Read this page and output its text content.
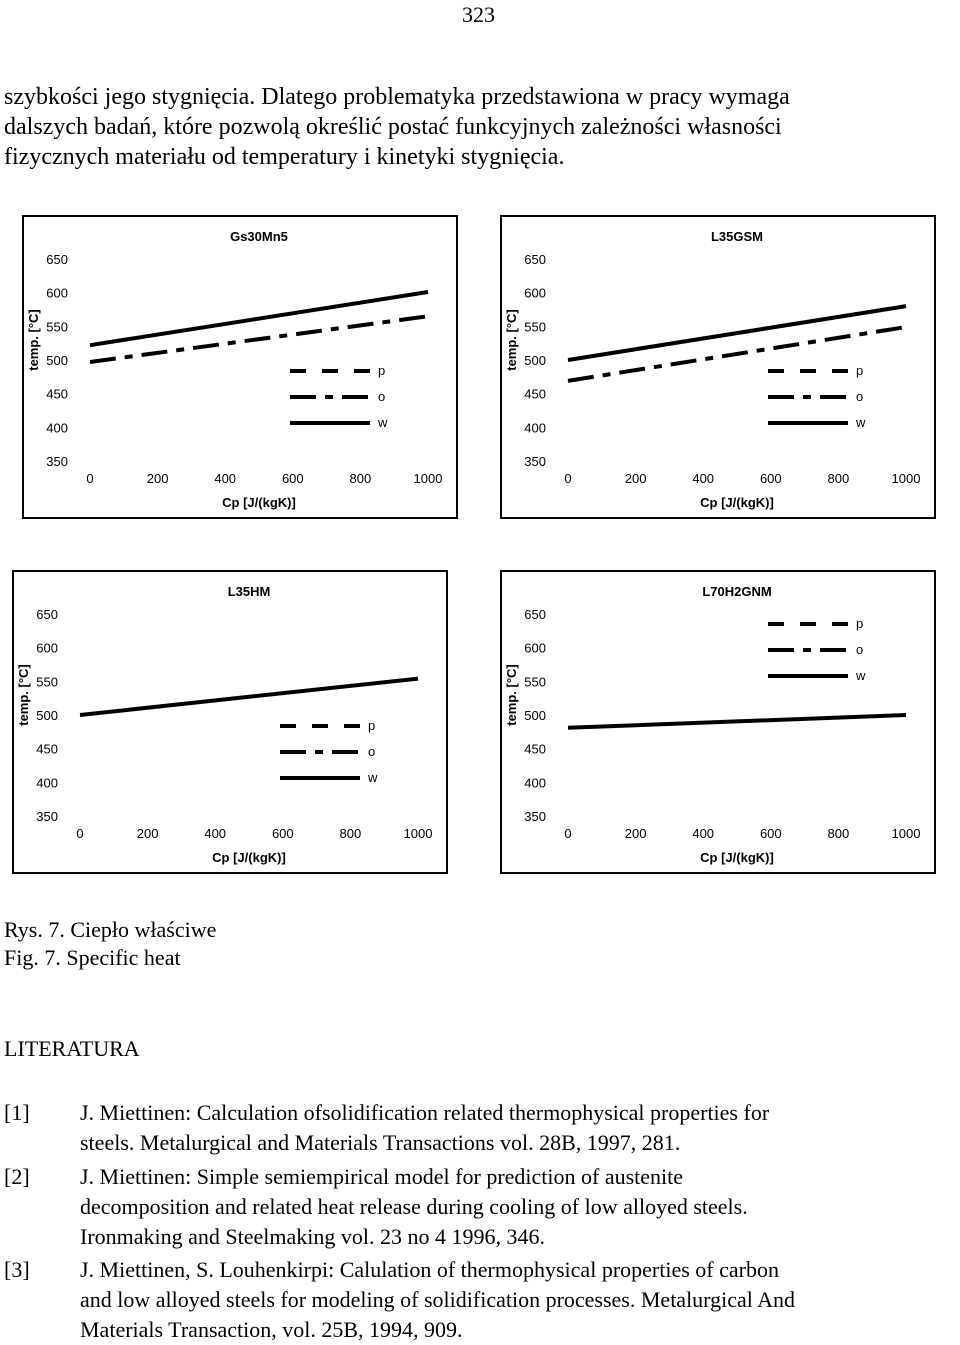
323
szybkości jego stygnięcia. Dlatego problematyka przedstawiona w pracy wymaga
dalszych badań, które pozwolą określić postać funkcyjnych zależności własności
fizycznych materiału od temperatury i kinetyki stygnięcia.
Gs30Mn5
350
400
450
500
550
600
650
0	200	400	600	800	1000
Cp [J/(kgK)]
temp. [°C]	p
o
w
L35GSM
350
400
450
500
550
600
650
0	200	400	600	800	1000
Cp [J/(kgK)]
temp. [°C]	p
o
w
L35HM
350
400
450
500
550
600
650
0	200	400	600	800	1000
Cp [J/(kgK)]
temp. [°C]	p
o
w
L70H2GNM
350
400
450
500
550
600
650
0	200	400	600	800	1000
Cp [J/(kgK)]
temp. [°C]
p
o
w
Rys. 7. Ciepło właściwe
Fig. 7. Specific heat
LITERATURA
[1] J. Miettinen: Calculation ofsolidification related thermophysical properties for
steels. Metalurgical and Materials Transactions vol. 28B, 1997, 281.
[2] J. Miettinen: Simple semiempirical model for prediction of austenite
decomposition and related heat release during cooling of low alloyed steels.
Ironmaking and Steelmaking vol. 23 no 4 1996, 346.
[3] J. Miettinen, S. Louhenkirpi: Calulation of thermophysical properties of carbon
and low alloyed steels for modeling of solidification processes. Metalurgical And
Materials Transaction, vol. 25B, 1994, 909.
